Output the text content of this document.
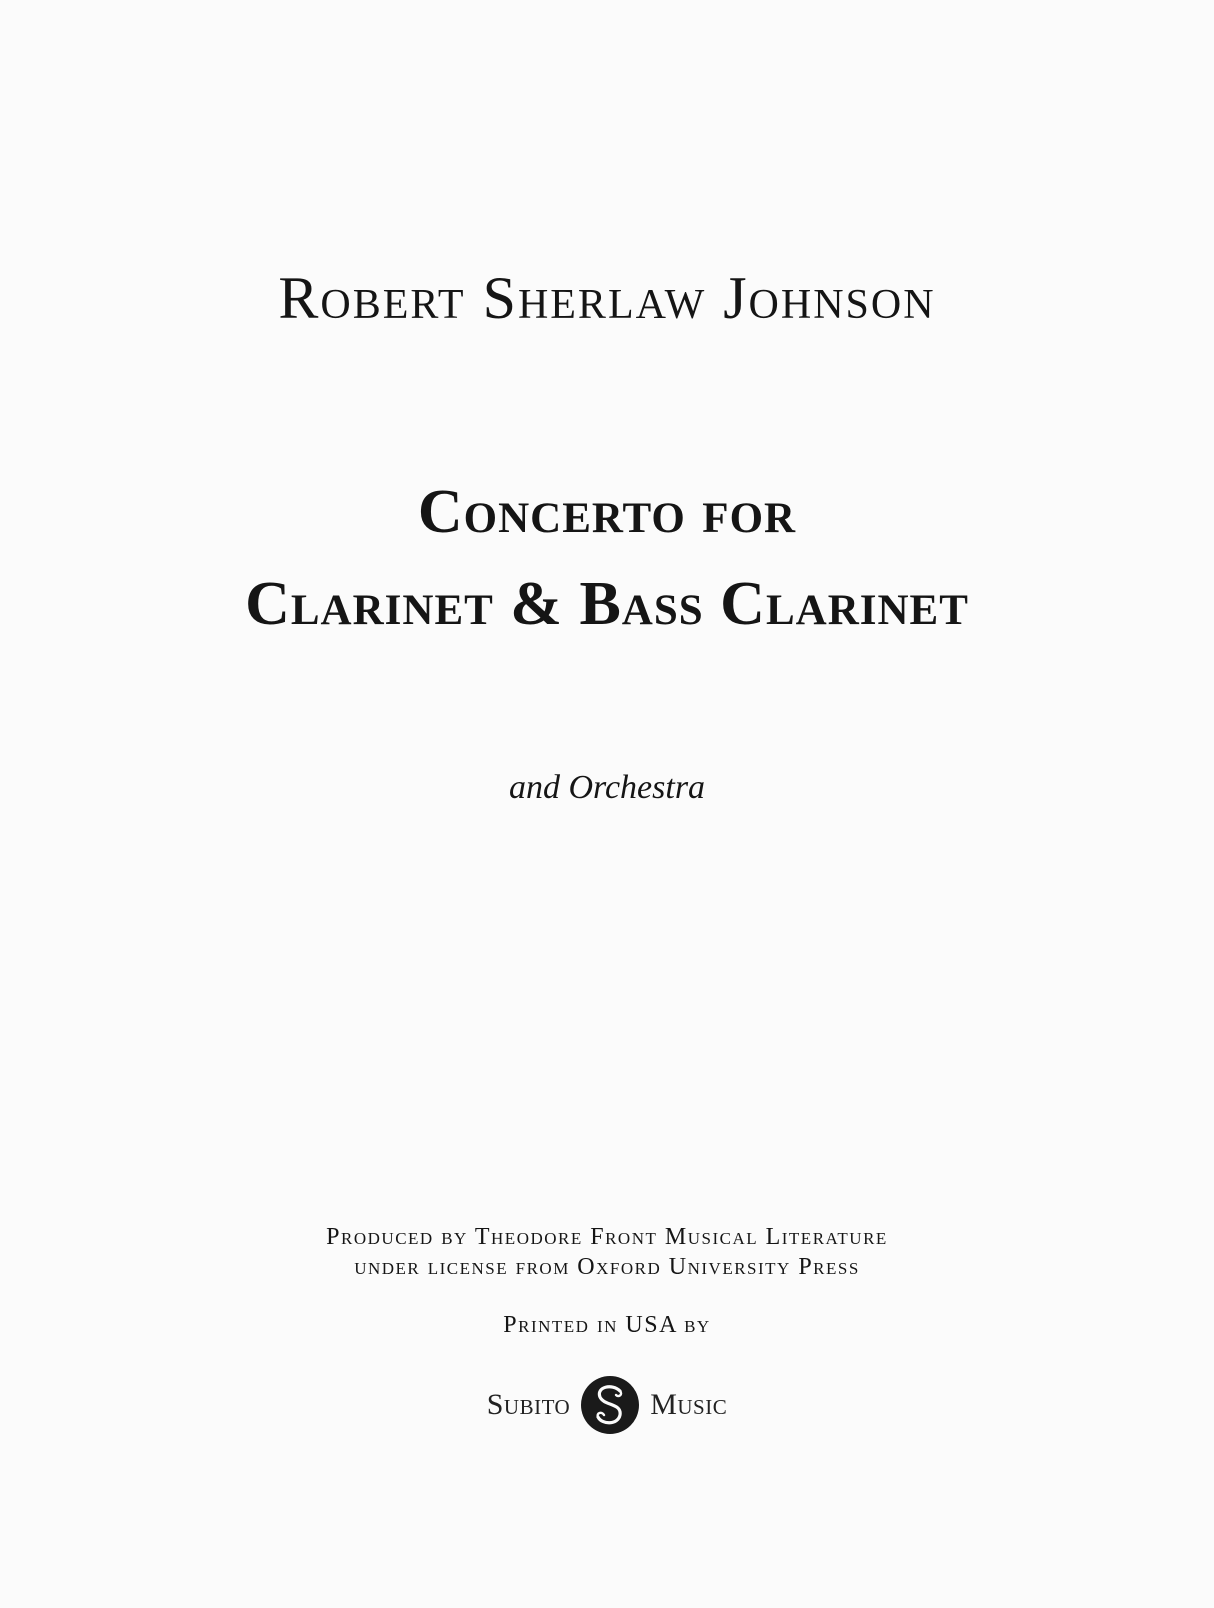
Robert Sherlaw Johnson
Concerto for
Clarinet & Bass Clarinet
and Orchestra
Produced by Theodore Front Musical Literature
under license from Oxford University Press
Printed in USA by
Subito	Music
